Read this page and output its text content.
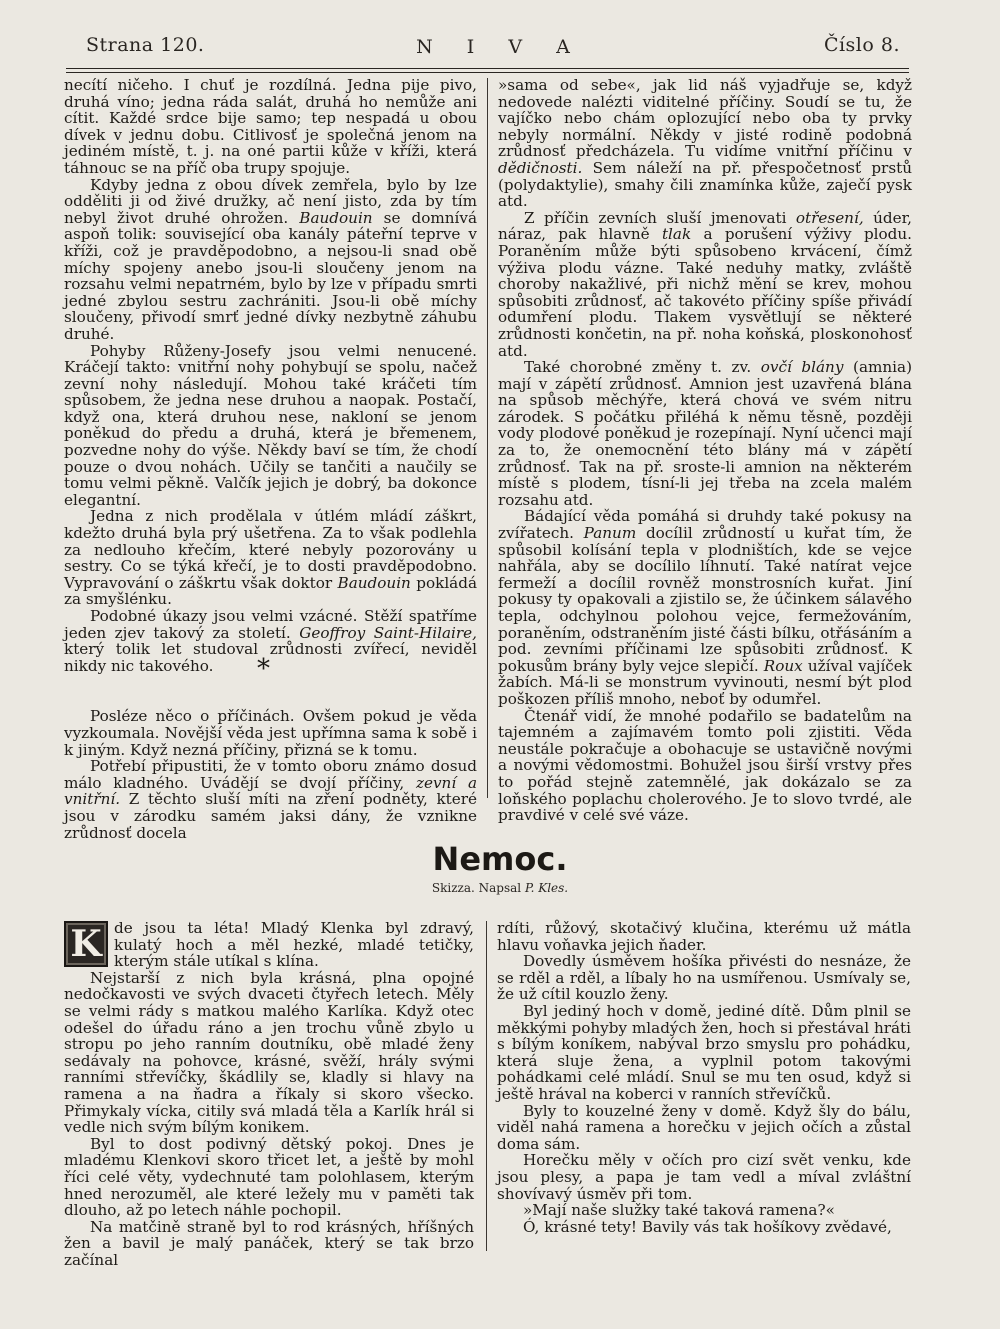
Strana 120.	N I V A	Číslo 8.

necítí ničeho. I chuť je rozdílná. Jedna pije pivo, druhá víno; jedna ráda salát, druhá ho nemůže ani cítit. Každé srdce bije samo; tep nespadá u obou dívek v jednu dobu. Citlivosť je společná jenom na jediném místě, t. j. na oné partii kůže v kříži, která táhnouc se na příč oba trupy spojuje.

Kdyby jedna z obou dívek zemřela, bylo by lze odděliti ji od živé družky, ač není jisto, zda by tím nebyl život druhé ohrožen. Baudouin se domnívá aspoň tolik: související oba kanály páteřní teprve v kříži, což je pravděpodobno, a nejsou-li snad obě míchy spojeny anebo jsou-li sloučeny jenom na rozsahu velmi nepatrném, bylo by lze v případu smrti jedné zbylou sestru zachrániti. Jsou-li obě míchy sloučeny, přivodí smrť jedné dívky nezbytně záhubu druhé.

Pohyby Růženy-Josefy jsou velmi nenucené. Kráčejí takto: vnitřní nohy pohybují se spolu, načež zevní nohy následují. Mohou také kráčeti tím spůsobem, že jedna nese druhou a naopak. Postačí, když ona, která druhou nese, nakloní se jenom poněkud do předu a druhá, která je břemenem, pozvedne nohy do výše. Někdy baví se tím, že chodí pouze o dvou nohách. Učily se tančiti a naučily se tomu velmi pěkně. Valčík jejich je dobrý, ba dokonce elegantní.

Jedna z nich prodělala v útlém mládí záškrt, kdežto druhá byla prý ušetřena. Za to však podlehla za nedlouho křečím, které nebyly pozorovány u sestry. Co se týká křečí, je to dosti pravděpodobno. Vypravování o záškrtu však doktor Baudouin pokládá za smyšlénku.

Podobné úkazy jsou velmi vzácné. Stěží spatříme jeden zjev takový za století. Geoffroy Saint-Hilaire, který tolik let studoval zrůdnosti zvířecí, neviděl nikdy nic takového.

Posléze něco o příčinách. Ovšem pokud je věda vyzkoumala. Novější věda jest upřímna sama k sobě i k jiným. Když nezná příčiny, přizná se k tomu.

Potřebí připustiti, že v tomto oboru známo dosud málo kladného. Uvádějí se dvojí příčiny, zevní a vnitřní. Z těchto sluší míti na zření podněty, které jsou v zárodku samém jaksi dány, že vznikne zrůdnosť docela

*

»sama od sebe«, jak lid náš vyjadřuje se, když nedovede nalézti viditelné příčiny. Soudí se tu, že vajíčko nebo chám oplozující nebo oba ty prvky nebyly normální. Někdy v jisté rodině podobná zrůdnosť předcházela. Tu vidíme vnitřní příčinu v dědičnosti. Sem náleží na př. přespočetnosť prstů (polydaktylie), smahy čili znamínka kůže, zaječí pysk atd.

Z příčin zevních sluší jmenovati otřesení, úder, náraz, pak hlavně tlak a porušení výživy plodu. Poraněním může býti spůsobeno krvácení, čímž výživa plodu vázne. Také neduhy matky, zvláště choroby nakažlivé, při nichž mění se krev, mohou spůsobiti zrůdnosť, ač takovéto příčiny spíše přivádí odumření plodu. Tlakem vysvětlují se některé zrůdnosti končetin, na př. noha koňská, ploskonohosť atd.

Také chorobné změny t. zv. ovčí blány (amnia) mají v zápětí zrůdnosť. Amnion jest uzavřená blána na spůsob měchýře, která chová ve svém nitru zárodek. S počátku přiléhá k němu těsně, později vody plodové poněkud je rozepínají. Nyní učenci mají za to, že onemocnění této blány má v zápětí zrůdnosť. Tak na př. sroste-li amnion na některém místě s plodem, tísní-li jej třeba na zcela malém rozsahu atd.

Bádající věda pomáhá si druhdy také pokusy na zvířatech. Panum docílil zrůdností u kuřat tím, že spůsobil kolísání tepla v plodništích, kde se vejce nahřála, aby se docílilo líhnutí. Také natírat vejce fermeží a docílil rovněž monstrosních kuřat. Jiní pokusy ty opakovali a zjistilo se, že účinkem sálavého tepla, odchylnou polohou vejce, fermežováním, poraněním, odstraněním jisté části bílku, otřásáním a pod. zevními příčinami lze spůsobiti zrůdnosť. K pokusům brány byly vejce slepičí. Roux užíval vajíček žabích. Má-li se monstrum vyvinouti, nesmí být plod poškozen příliš mnoho, neboť by odumřel.

Čtenář vidí, že mnohé podařilo se badatelům na tajemném a zajímavém tomto poli zjistiti. Věda neustále pokračuje a obohacuje se ustavičně novými a novými vědomostmi. Bohužel jsou širší vrstvy přes to pořád stejně zatemnělé, jak dokázalo se za loňského poplachu cholerového. Je to slovo tvrdé, ale pravdivé v celé své váze.

Nemoc.
Skizza. Napsal P. Kles.

K de jsou ta léta! Mladý Klenka byl zdravý, kulatý hoch a měl hezké, mladé tetičky, kterým stále utíkal s klína.

Nejstarší z nich byla krásná, plna opojné nedočkavosti ve svých dvaceti čtyřech letech. Měly se velmi rády s matkou malého Karlíka. Když otec odešel do úřadu ráno a jen trochu vůně zbylo u stropu po jeho ranním doutníku, obě mladé ženy sedávaly na pohovce, krásné, svěží, hrály svými ranními střevíčky, škádlily se, kladly si hlavy na ramena a na ňadra a říkaly si skoro všecko. Přimykaly vícka, citily svá mladá těla a Karlík hrál si vedle nich svým bílým konikem.

Byl to dost podivný dětský pokoj. Dnes je mladému Klenkovi skoro třicet let, a ještě by mohl říci celé věty, vydechnuté tam polohlasem, kterým hned nerozuměl, ale které ležely mu v paměti tak dlouho, až po letech náhle pochopil.

Na matčině straně byl to rod krásných, hříšných žen a bavil je malý panáček, který se tak brzo začínal

rdíti, růžový, skotačivý klučina, kterému už mátla hlavu voňavka jejich ňader.

Dovedly úsměvem hošíka přivésti do nesnáze, že se rděl a rděl, a líbaly ho na usmířenou. Usmívaly se, že už cítil kouzlo ženy.

Byl jediný hoch v domě, jediné dítě. Dům plnil se měkkými pohyby mladých žen, hoch si přestával hráti s bílým koníkem, nabýval brzo smyslu pro pohádku, která sluje žena, a vyplnil potom takovými pohádkami celé mládí. Snul se mu ten osud, když si ještě hrával na koberci v ranních střevíčků.

Byly to kouzelné ženy v domě. Když šly do bálu, viděl nahá ramena a horečku v jejich očích a zůstal doma sám.

Horečku měly v očích pro cizí svět venku, kde jsou plesy, a papa je tam vedl a míval zvláštní shovívavý úsměv při tom.

»Mají naše služky také taková ramena?«

Ó, krásné tety! Bavily vás tak hošíkovy zvědavé,
